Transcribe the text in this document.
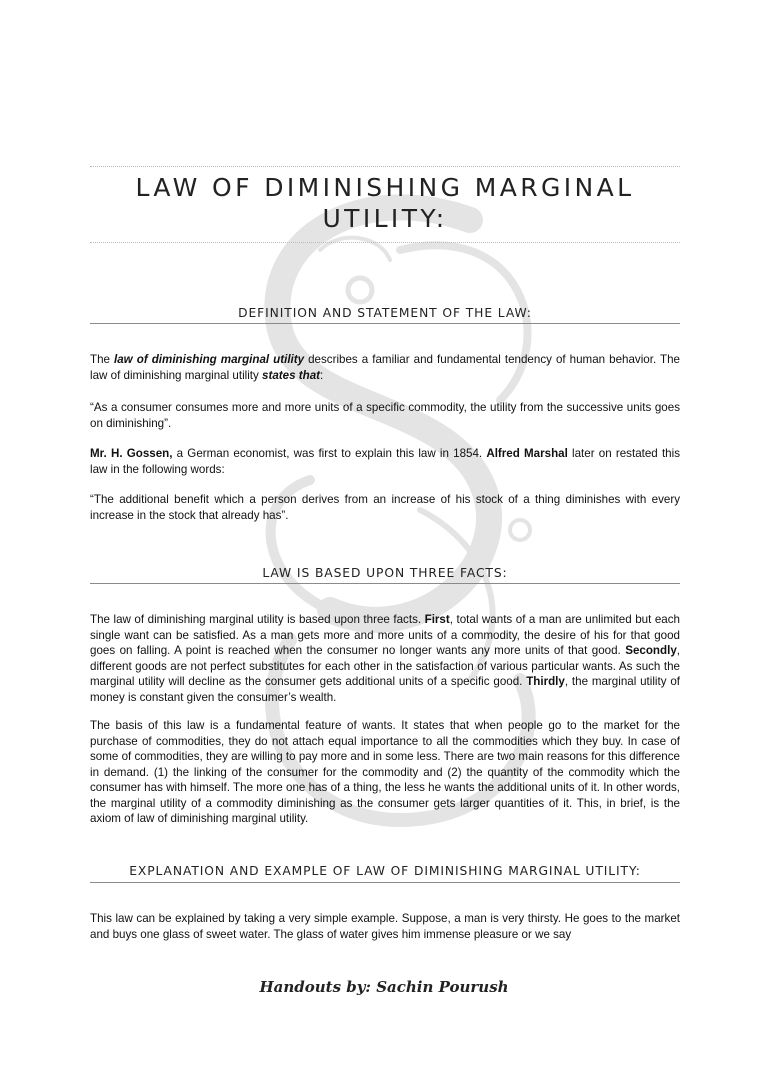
LAW OF DIMINISHING MARGINAL
UTILITY:
DEFINITION AND STATEMENT OF THE LAW:

The law of diminishing marginal utility describes a familiar and fundamental tendency of human behavior. The law of diminishing marginal utility states that:

“As a consumer consumes more and more units of a specific commodity, the utility from the successive units goes on diminishing”.

Mr. H. Gossen, a German economist, was first to explain this law in 1854. Alfred Marshal later on restated this law in the following words:

“The additional benefit which a person derives from an increase of his stock of a thing diminishes with every increase in the stock that already has”.

LAW IS BASED UPON THREE FACTS:

The law of diminishing marginal utility is based upon three facts. First, total wants of a man are unlimited but each single want can be satisfied. As a man gets more and more units of a commodity, the desire of his for that good goes on falling. A point is reached when the consumer no longer wants any more units of that good. Secondly, different goods are not perfect substitutes for each other in the satisfaction of various particular wants. As such the marginal utility will decline as the consumer gets additional units of a specific good. Thirdly, the marginal utility of money is constant given the consumer’s wealth.

The basis of this law is a fundamental feature of wants. It states that when people go to the market for the purchase of commodities, they do not attach equal importance to all the commodities which they buy. In case of some of commodities, they are willing to pay more and in some less. There are two main reasons for this difference in demand. (1) the linking of the consumer for the commodity and (2) the quantity of the commodity which the consumer has with himself. The more one has of a thing, the less he wants the additional units of it. In other words, the marginal utility of a commodity diminishing as the consumer gets larger quantities of it. This, in brief, is the axiom of law of diminishing marginal utility.

EXPLANATION AND EXAMPLE OF LAW OF DIMINISHING MARGINAL UTILITY:

This law can be explained by taking a very simple example. Suppose, a man is very thirsty. He goes to the market and buys one glass of sweet water. The glass of water gives him immense pleasure or we say

Handouts by: Sachin Pourush
